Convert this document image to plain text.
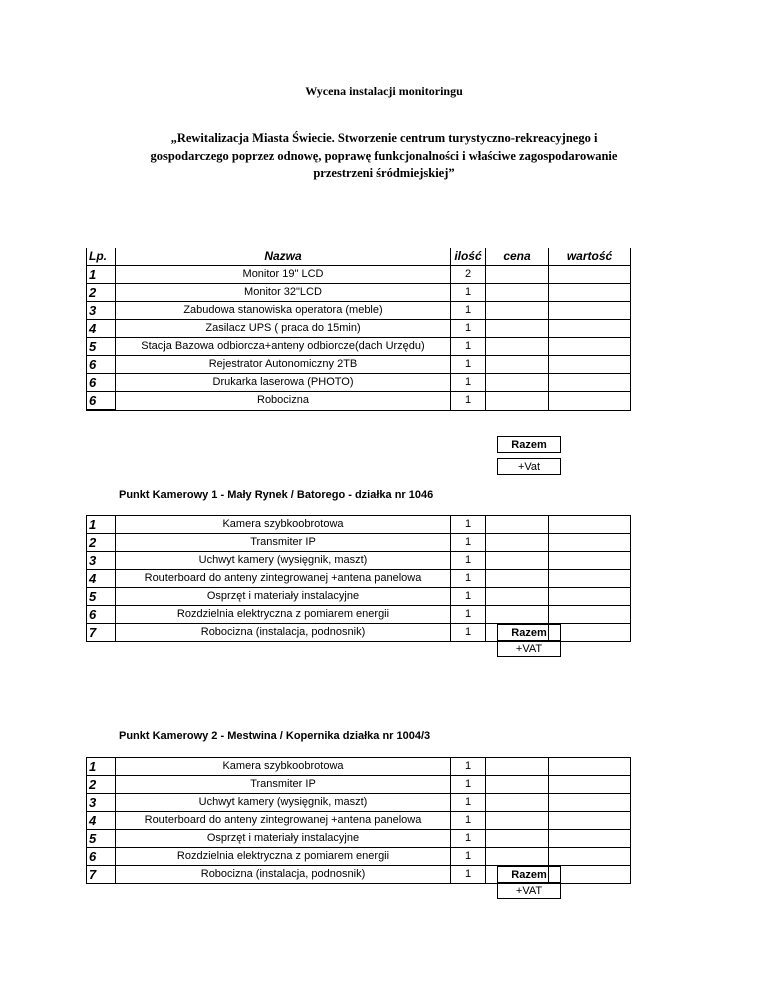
Wycena instalacji monitoringu
„Rewitalizacja Miasta Świecie. Stworzenie centrum turystyczno-rekreacyjnego i
gospodarczego poprzez odnowę, poprawę funkcjonalności i właściwe zagospodarowanie
przestrzeni śródmiejskiej”
Lp.	Nazwa	ilość	cena	wartość
1	Monitor 19" LCD	2		
2	Monitor 32"LCD	1		
3	Zabudowa stanowiska operatora (meble)	1		
4	Zasilacz UPS ( praca do 15min)	1		
5	Stacja Bazowa odbiorcza+anteny odbiorcze(dach Urzędu)	1		
6	Rejestrator Autonomiczny 2TB	1		
6	Drukarka laserowa (PHOTO)	1		
6	Robocizna	1		
Razem
+Vat
Punkt Kamerowy 1 - Mały Rynek / Batorego - działka nr 1046
1	Kamera szybkoobrotowa	1		
2	Transmiter IP	1		
3	Uchwyt kamery (wysięgnik, maszt)	1		
4	Routerboard do anteny zintegrowanej +antena panelowa	1		
5	Osprzęt i materiały instalacyjne	1		
6	Rozdzielnia elektryczna z pomiarem energii	1		
7	Robocizna (instalacja, podnosnik)	1			Razem
+VAT
Punkt Kamerowy 2 - Mestwina / Kopernika działka nr 1004/3
1	Kamera szybkoobrotowa	1		
2	Transmiter IP	1		
3	Uchwyt kamery (wysięgnik, maszt)	1		
4	Routerboard do anteny zintegrowanej +antena panelowa	1		
5	Osprzęt i materiały instalacyjne	1		
6	Rozdzielnia elektryczna z pomiarem energii	1		
7	Robocizna (instalacja, podnosnik)	1			Razem
+VAT
